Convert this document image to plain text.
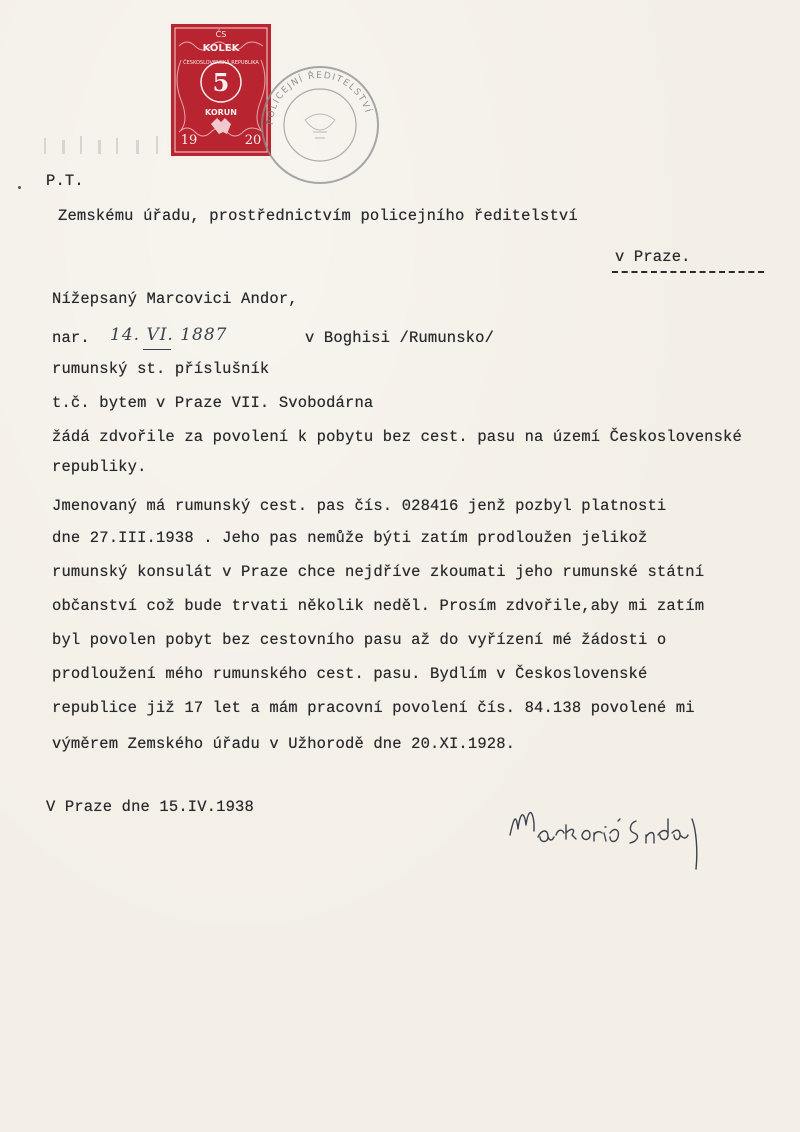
ČS
KOLEK
ČESKOSLOVENSKÁ REPUBLIKA
5
KORUN
19	20
POLICEJNÍ ŘEDITELSTVÍ
P.T.
Zemskému úřadu, prostřednictvím policejního ředitelství
v Praze.
Nížepsaný Marcovici Andor,
nar. 14. VI. 1887	v Boghisi /Rumunsko/
rumunský st. příslušník
t.č. bytem v Praze VII. Svobodárna
žádá zdvořile za povolení k pobytu bez cest. pasu na území Československé
republiky.
Jmenovaný má rumunský cest. pas čís. 028416 jenž pozbyl platnosti
dne 27.III.1938 . Jeho pas nemůže býti zatím prodloužen jelikož
rumunský konsulát v Praze chce nejdříve zkoumati jeho rumunské státní
občanství což bude trvati několik neděl. Prosím zdvořile,aby mi zatím
byl povolen pobyt bez cestovního pasu až do vyřízení mé žádosti o
prodloužení mého rumunského cest. pasu. Bydlím v Československé
republice již 17 let a mám pracovní povolení čís. 84.138 povolené mi
výměrem Zemského úřadu v Užhorodě dne 20.XI.1928.
V Praze dne 15.IV.1938
